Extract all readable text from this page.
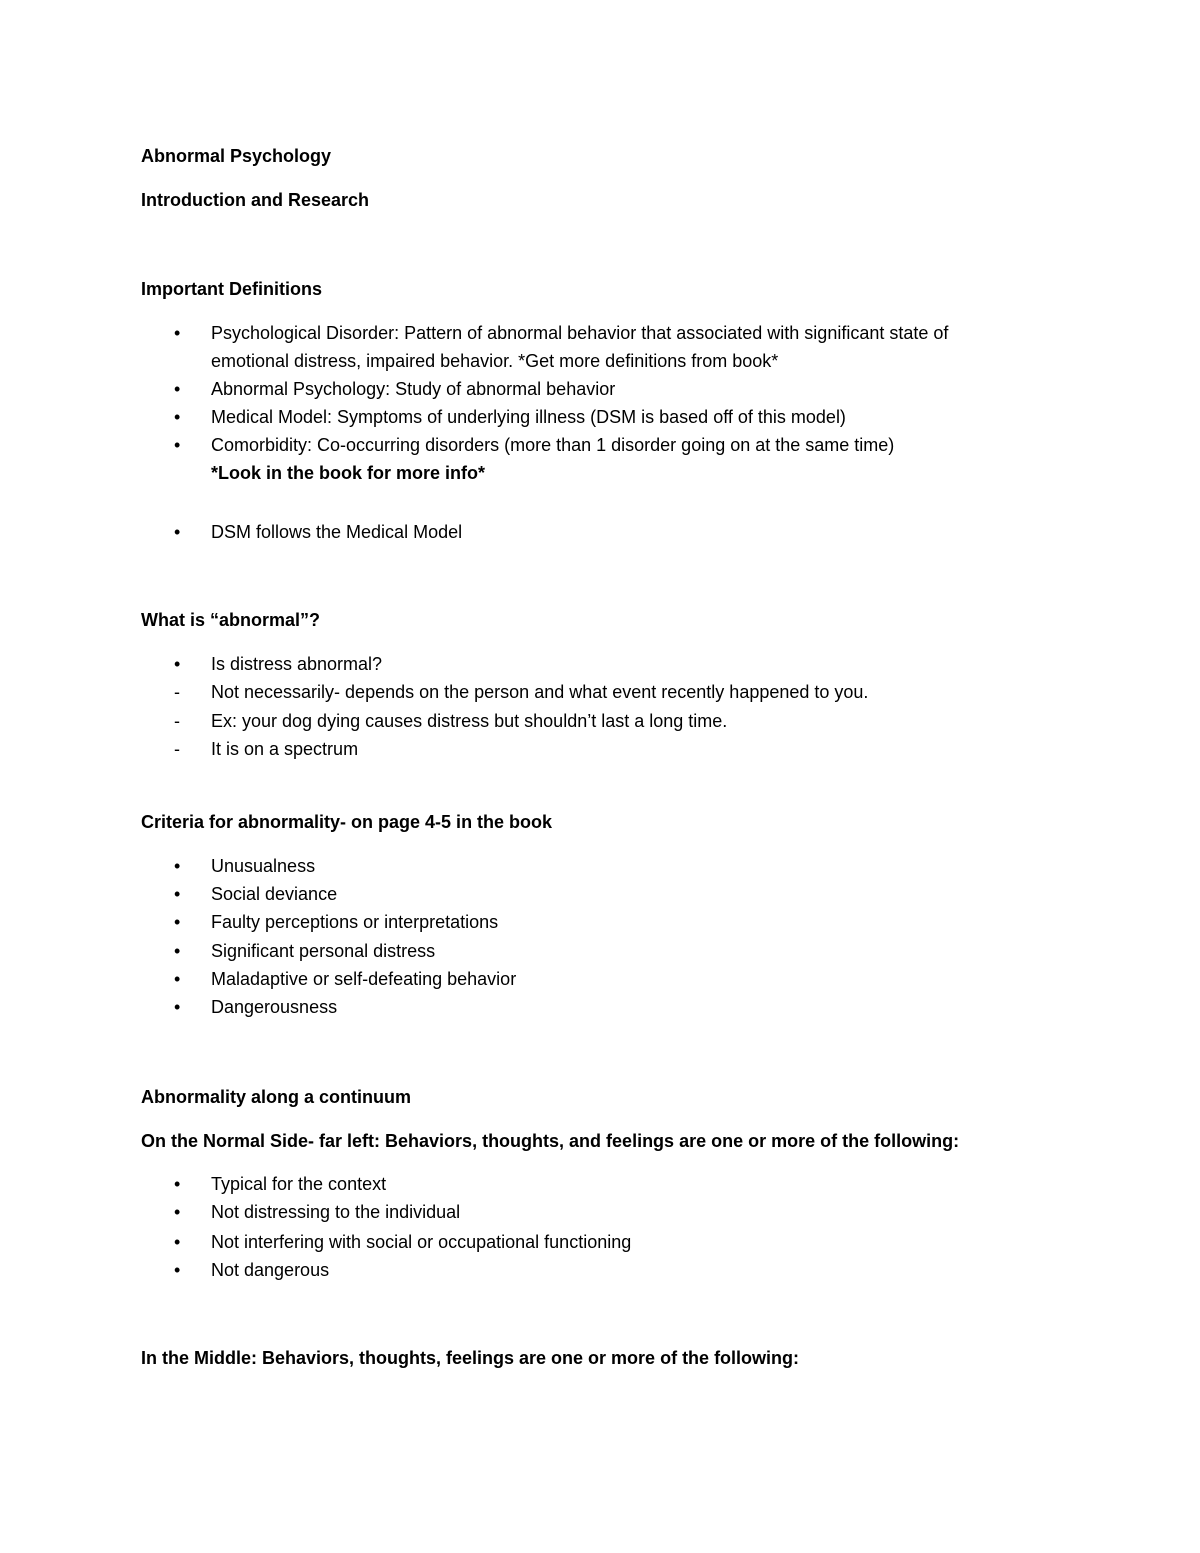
Abnormal Psychology
Introduction and Research
Important Definitions
•	Psychological Disorder: Pattern of abnormal behavior that associated with significant state of
emotional distress, impaired behavior. *Get more definitions from book*
•	Abnormal Psychology: Study of abnormal behavior
•	Medical Model: Symptoms of underlying illness (DSM is based off of this model)
•	Comorbidity: Co-occurring disorders (more than 1 disorder going on at the same time)
*Look in the book for more info*
•	DSM follows the Medical Model
What is “abnormal”?
•	Is distress abnormal?
-	Not necessarily- depends on the person and what event recently happened to you.
-	Ex: your dog dying causes distress but shouldn’t last a long time.
-	It is on a spectrum
Criteria for abnormality- on page 4-5 in the book
•	Unusualness
•	Social deviance
•	Faulty perceptions or interpretations
•	Significant personal distress
•	Maladaptive or self-defeating behavior
•	Dangerousness
Abnormality along a continuum
On the Normal Side- far left: Behaviors, thoughts, and feelings are one or more of the following:
•	Typical for the context
•	Not distressing to the individual
•	Not interfering with social or occupational functioning
•	Not dangerous
In the Middle: Behaviors, thoughts, feelings are one or more of the following:
